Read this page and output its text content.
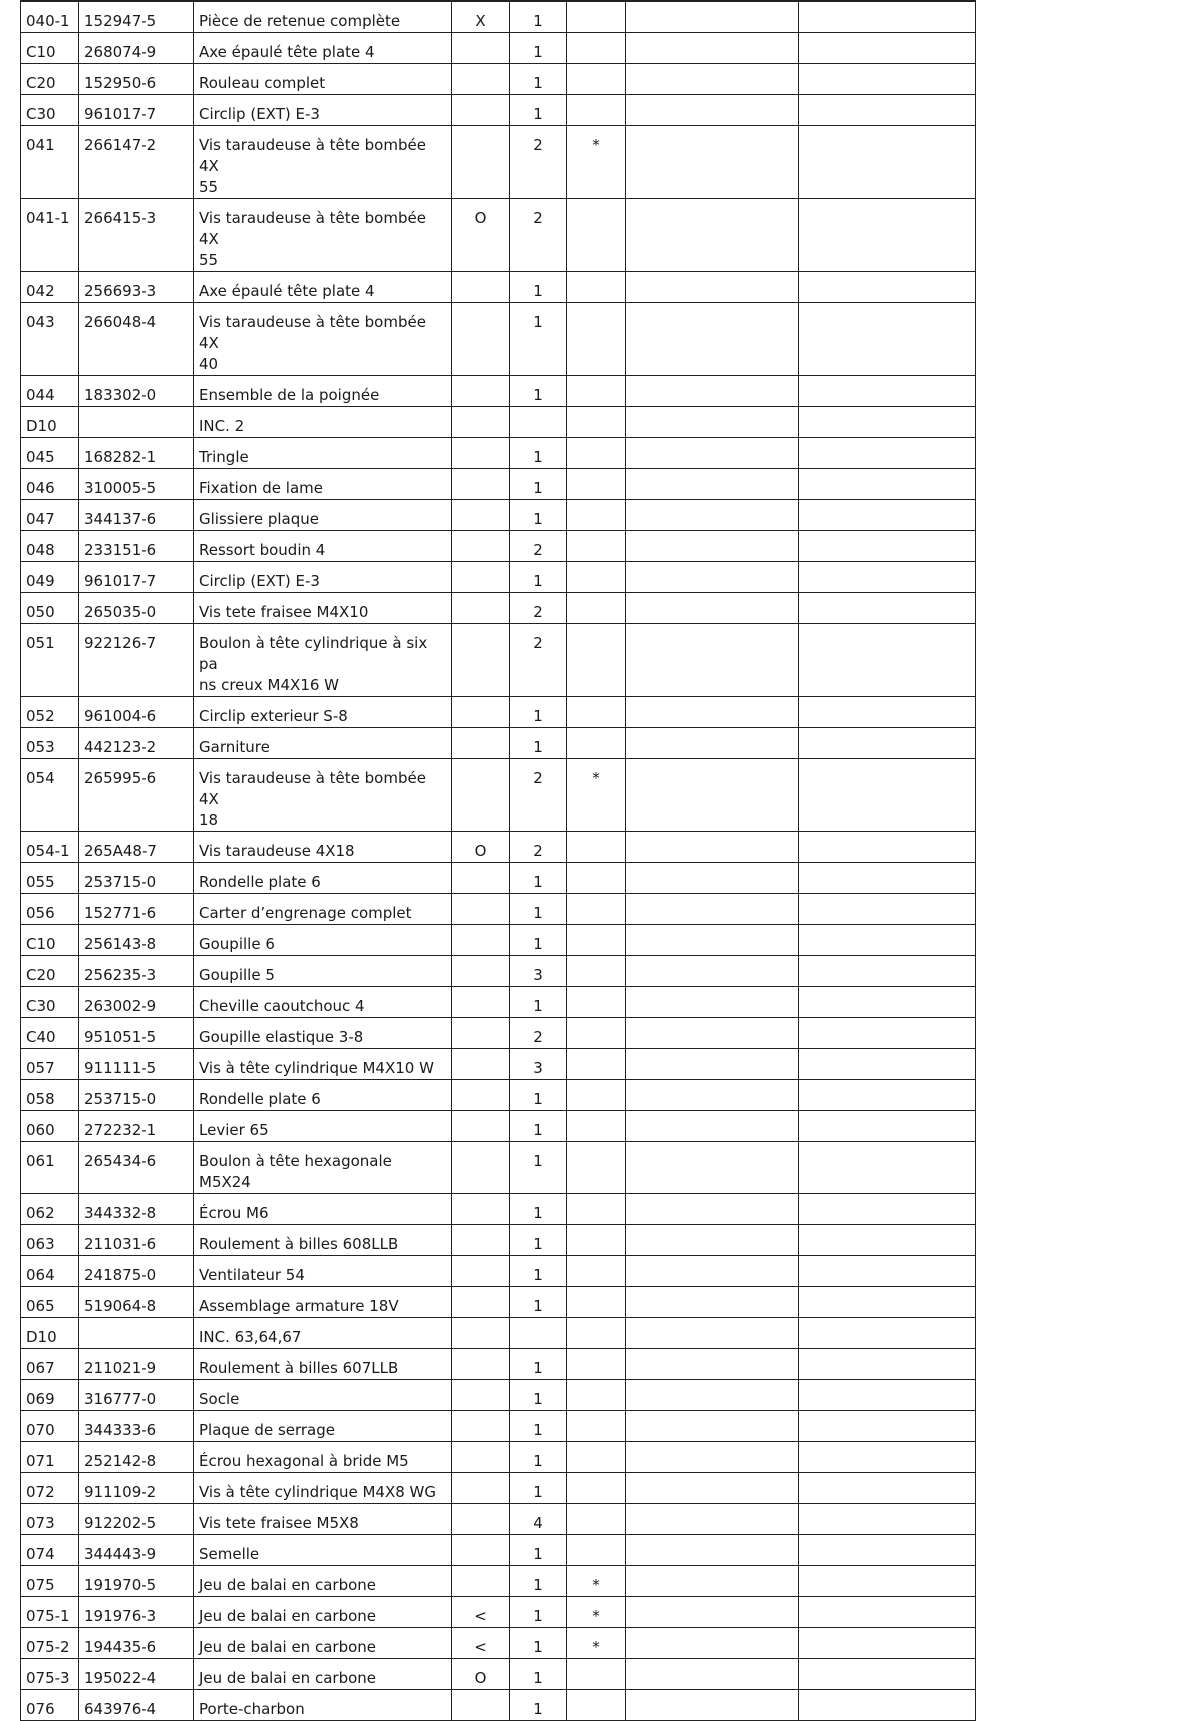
040-1	152947-5	Pièce de retenue complète	X	1			

C10	268074-9	Axe épaulé tête plate 4		1			

C20	152950-6	Rouleau complet		1			

C30	961017-7	Circlip (EXT) E-3		1			

041	266147-2	Vis taraudeuse à tête bombée 4X
55		2	*		

041-1	266415-3	Vis taraudeuse à tête bombée 4X
55	O	2			

042	256693-3	Axe épaulé tête plate 4		1			

043	266048-4	Vis taraudeuse à tête bombée 4X
40		1			

044	183302-0	Ensemble de la poignée		1			

D10		INC. 2					

045	168282-1	Tringle		1			

046	310005-5	Fixation de lame		1			

047	344137-6	Glissiere plaque		1			

048	233151-6	Ressort boudin 4		2			

049	961017-7	Circlip (EXT) E-3		1			

050	265035-0	Vis tete fraisee M4X10		2			

051	922126-7	Boulon à tête cylindrique à six pa
ns creux M4X16 W		2			

052	961004-6	Circlip exterieur S-8		1			

053	442123-2	Garniture		1			

054	265995-6	Vis taraudeuse à tête bombée 4X
18		2	*		

054-1	265A48-7	Vis taraudeuse 4X18	O	2			

055	253715-0	Rondelle plate 6		1			

056	152771-6	Carter d’engrenage complet		1			

C10	256143-8	Goupille 6		1			

C20	256235-3	Goupille 5		3			

C30	263002-9	Cheville caoutchouc 4		1			

C40	951051-5	Goupille elastique 3-8		2			

057	911111-5	Vis à tête cylindrique M4X10 W		3			

058	253715-0	Rondelle plate 6		1			

060	272232-1	Levier 65		1			

061	265434-6	Boulon à tête hexagonale M5X24		1			

062	344332-8	Écrou M6		1			

063	211031-6	Roulement à billes 608LLB		1			

064	241875-0	Ventilateur 54		1			

065	519064-8	Assemblage armature 18V		1			

D10		INC. 63,64,67					

067	211021-9	Roulement à billes 607LLB		1			

069	316777-0	Socle		1			

070	344333-6	Plaque de serrage		1			

071	252142-8	Écrou hexagonal à bride M5		1			

072	911109-2	Vis à tête cylindrique M4X8 WG		1			

073	912202-5	Vis tete fraisee M5X8		4			

074	344443-9	Semelle		1			

075	191970-5	Jeu de balai en carbone		1	*		

075-1	191976-3	Jeu de balai en carbone	<	1	*		

075-2	194435-6	Jeu de balai en carbone	<	1	*		

075-3	195022-4	Jeu de balai en carbone	O	1			

076	643976-4	Porte-charbon		1			
